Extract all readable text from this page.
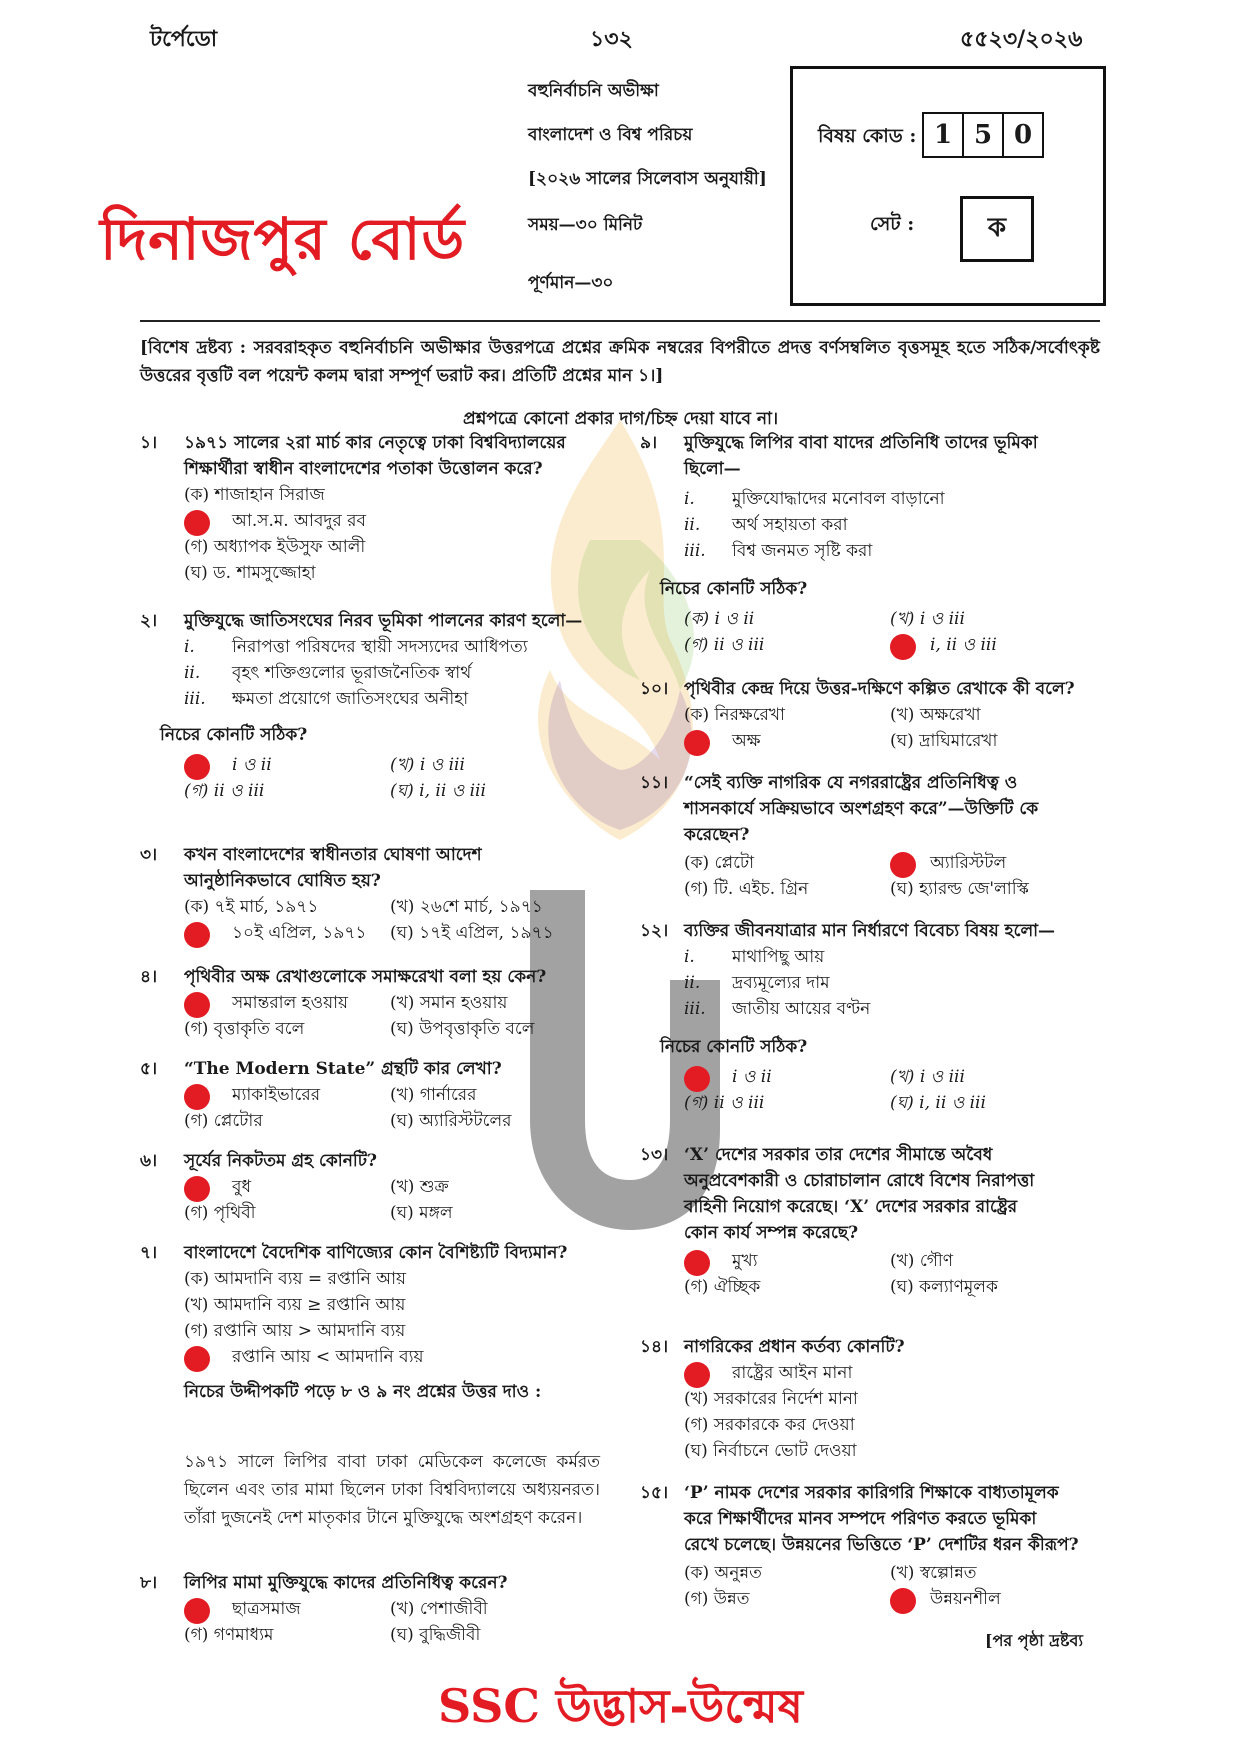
টর্পেডো	১৩২	৫৫২৩/২০২৬
বহুনির্বাচনি অভীক্ষা
বাংলাদেশ ও বিশ্ব পরিচয়
[২০২৬ সালের সিলেবাস অনুযায়ী]
সময়—৩০ মিনিট
পূর্ণমান—৩০
দিনাজপুর বোর্ড
বিষয় কোড : 1 5 0
সেট :	ক
[বিশেষ দ্রষ্টব্য : সরবরাহকৃত বহুনির্বাচনি অভীক্ষার উত্তরপত্রে প্রশ্নের ক্রমিক নম্বরের বিপরীতে প্রদত্ত বর্ণসম্বলিত বৃত্তসমূহ হতে সঠিক/সর্বোৎকৃষ্ট উত্তরের বৃত্তটি বল পয়েন্ট কলম দ্বারা সম্পূর্ণ ভরাট কর। প্রতিটি প্রশ্নের মান ১।]
প্রশ্নপত্রে কোনো প্রকার দাগ/চিহ্ন দেয়া যাবে না।
১। ১৯৭১ সালের ২রা মার্চ কার নেতৃত্বে ঢাকা বিশ্ববিদ্যালয়ের
শিক্ষার্থীরা স্বাধীন বাংলাদেশের পতাকা উত্তোলন করে?
(ক) শাজাহান সিরাজ
আ.স.ম. আবদুর রব
(গ) অধ্যাপক ইউসুফ আলী
(ঘ) ড. শামসুজ্জোহা
২। মুক্তিযুদ্ধে জাতিসংঘের নিরব ভূমিকা পালনের কারণ হলো—
i. নিরাপত্তা পরিষদের স্থায়ী সদস্যদের আধিপত্য
ii. বৃহৎ শক্তিগুলোর ভূরাজনৈতিক স্বার্থ
iii. ক্ষমতা প্রয়োগে জাতিসংঘের অনীহা
নিচের কোনটি সঠিক?
i ও ii	(খ) i ও iii
(গ) ii ও iii	(ঘ) i, ii ও iii
৩। কখন বাংলাদেশের স্বাধীনতার ঘোষণা আদেশ
আনুষ্ঠানিকভাবে ঘোষিত হয়?
(ক) ৭ই মার্চ, ১৯৭১	(খ) ২৬শে মার্চ, ১৯৭১
১০ই এপ্রিল, ১৯৭১ (ঘ) ১৭ই এপ্রিল, ১৯৭১
৪। পৃথিবীর অক্ষ রেখাগুলোকে সমাক্ষরেখা বলা হয় কেন?
সমান্তরাল হওয়ায় (খ) সমান হওয়ায়
(গ) বৃত্তাকৃতি বলে	(ঘ) উপবৃত্তাকৃতি বলে
৫। “The Modern State” গ্রন্থটি কার লেখা?
ম্যাকাইভারের	(খ) গার্নারের
(গ) প্লেটোর	(ঘ) অ্যারিস্টটলের
৬। সূর্যের নিকটতম গ্রহ কোনটি?
বুধ	(খ) শুক্র
(গ) পৃথিবী	(ঘ) মঙ্গল
৭। বাংলাদেশে বৈদেশিক বাণিজ্যের কোন বৈশিষ্ট্যটি বিদ্যমান?
(ক) আমদানি ব্যয় = রপ্তানি আয়
(খ) আমদানি ব্যয় ≥ রপ্তানি আয়
(গ) রপ্তানি আয় > আমদানি ব্যয়
রপ্তানি আয় < আমদানি ব্যয়
নিচের উদ্দীপকটি পড়ে ৮ ও ৯ নং প্রশ্নের উত্তর দাও :
১৯৭১ সালে লিপির বাবা ঢাকা মেডিকেল কলেজে কর্মরত ছিলেন এবং তার মামা ছিলেন ঢাকা বিশ্ববিদ্যালয়ে অধ্যয়নরত। তাঁরা দুজনেই দেশ মাতৃকার টানে মুক্তিযুদ্ধে অংশগ্রহণ করেন।
৮। লিপির মামা মুক্তিযুদ্ধে কাদের প্রতিনিধিত্ব করেন?
ছাত্রসমাজ	(খ) পেশাজীবী
(গ) গণমাধ্যম	(ঘ) বুদ্ধিজীবী
৯। মুক্তিযুদ্ধে লিপির বাবা যাদের প্রতিনিধি তাদের ভূমিকা
ছিলো—
i. মুক্তিযোদ্ধাদের মনোবল বাড়ানো
ii. অর্থ সহায়তা করা
iii. বিশ্ব জনমত সৃষ্টি করা
নিচের কোনটি সঠিক?
(ক) i ও ii	(খ) i ও iii
(গ) ii ও iii	i, ii ও iii
১০। পৃথিবীর কেন্দ্র দিয়ে উত্তর-দক্ষিণে কল্পিত রেখাকে কী বলে?
(ক) নিরক্ষরেখা	(খ) অক্ষরেখা
অক্ষ	(ঘ) দ্রাঘিমারেখা
১১। “সেই ব্যক্তি নাগরিক যে নগররাষ্ট্রের প্রতিনিধিত্ব ও
শাসনকার্যে সক্রিয়ভাবে অংশগ্রহণ করে”—উক্তিটি কে
করেছেন?
(ক) প্লেটো	অ্যারিস্টটল
(গ) টি. এইচ. গ্রিন	(ঘ) হ্যারল্ড জে'লাস্কি
১২। ব্যক্তির জীবনযাত্রার মান নির্ধারণে বিবেচ্য বিষয় হলো—
i. মাথাপিছু আয়
ii. দ্রব্যমূল্যের দাম
iii. জাতীয় আয়ের বণ্টন
নিচের কোনটি সঠিক?
i ও ii	(খ) i ও iii
(গ) ii ও iii	(ঘ) i, ii ও iii
১৩। ‘X’ দেশের সরকার তার দেশের সীমান্তে অবৈধ
অনুপ্রবেশকারী ও চোরাচালান রোধে বিশেষ নিরাপত্তা
বাহিনী নিয়োগ করেছে। ‘X’ দেশের সরকার রাষ্ট্রের
কোন কার্য সম্পন্ন করেছে?
মুখ্য	(খ) গৌণ
(গ) ঐচ্ছিক	(ঘ) কল্যাণমূলক
১৪। নাগরিকের প্রধান কর্তব্য কোনটি?
রাষ্ট্রের আইন মানা
(খ) সরকারের নির্দেশ মানা
(গ) সরকারকে কর দেওয়া
(ঘ) নির্বাচনে ভোট দেওয়া
১৫। ‘P’ নামক দেশের সরকার কারিগরি শিক্ষাকে বাধ্যতামূলক
করে শিক্ষার্থীদের মানব সম্পদে পরিণত করতে ভূমিকা
রেখে চলেছে। উন্নয়নের ভিত্তিতে ‘P’ দেশটির ধরন কীরূপ?
(ক) অনুন্নত	(খ) স্বল্পোন্নত
(গ) উন্নত	উন্নয়নশীল
[পর পৃষ্ঠা দ্রষ্টব্য
SSC উদ্ভাস-উন্মেষ
